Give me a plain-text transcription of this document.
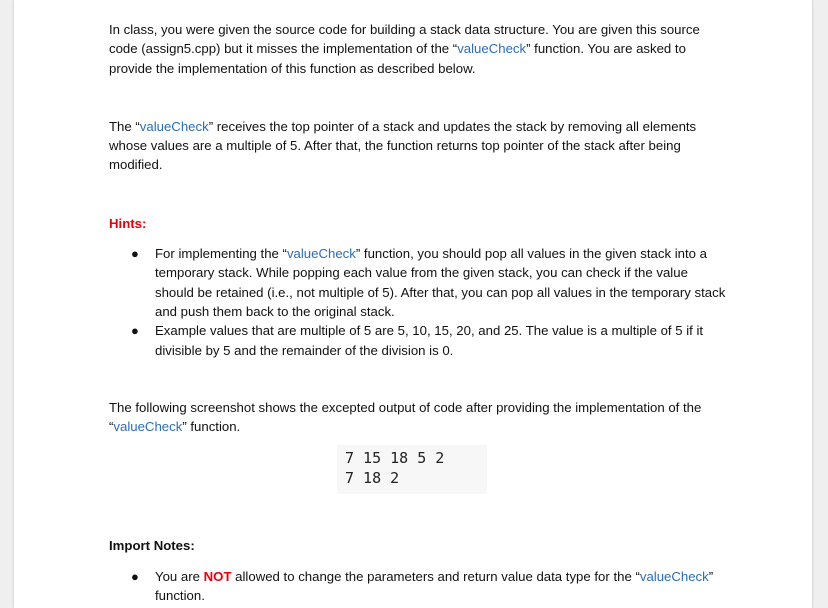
In class, you were given the source code for building a stack data structure. You are given this source code (assign5.cpp) but it misses the implementation of the “valueCheck” function. You are asked to provide the implementation of this function as described below.

The “valueCheck” receives the top pointer of a stack and updates the stack by removing all elements whose values are a multiple of 5. After that, the function returns top pointer of the stack after being modified.

Hints:

● For implementing the “valueCheck” function, you should pop all values in the given stack into a temporary stack. While popping each value from the given stack, you can check if the value should be retained (i.e., not multiple of 5). After that, you can pop all values in the temporary stack and push them back to the original stack.
● Example values that are multiple of 5 are 5, 10, 15, 20, and 25. The value is a multiple of 5 if it divisible by 5 and the remainder of the division is 0.

The following screenshot shows the excepted output of code after providing the implementation of the “valueCheck” function.

7 15 18 5 2
7 18 2

Import Notes:

● You are NOT allowed to change the parameters and return value data type for the “valueCheck” function.
